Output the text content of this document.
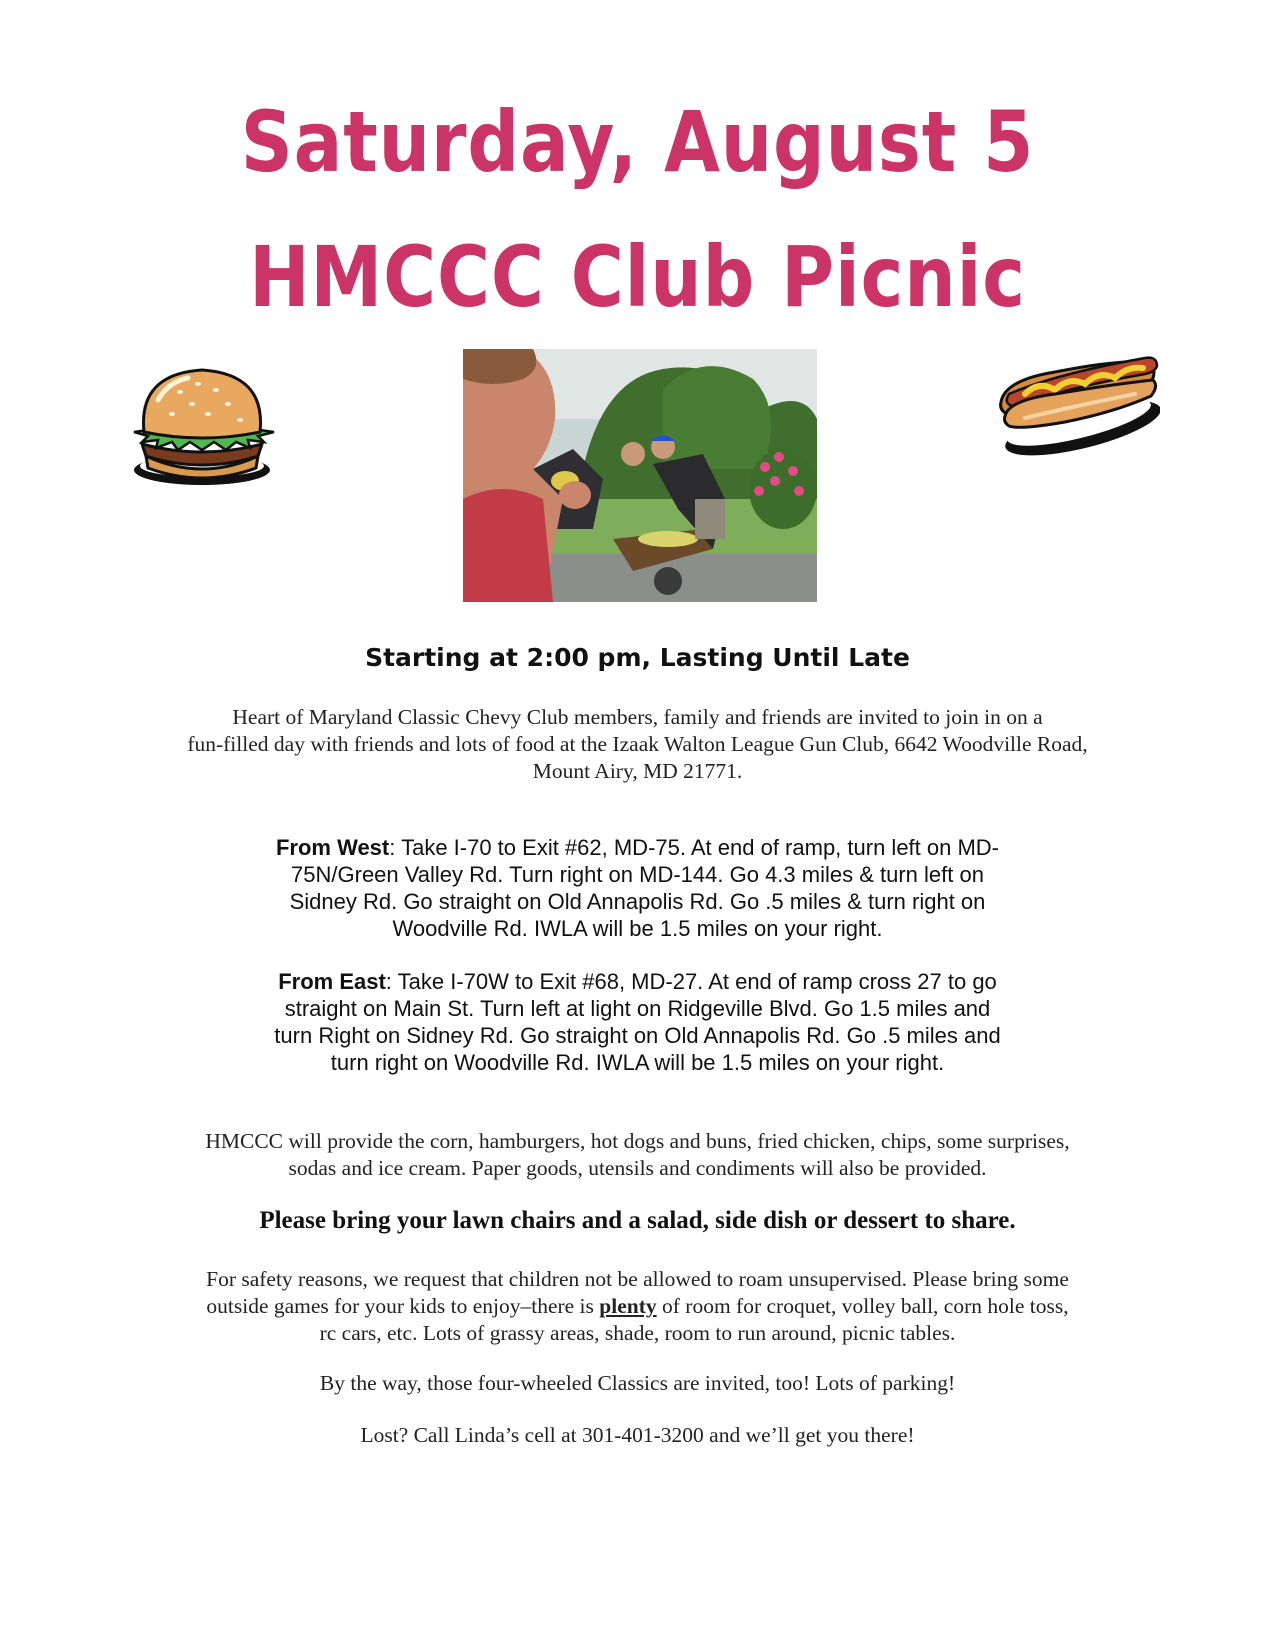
Saturday, August 5
HMCCC Club Picnic

Starting at 2:00 pm, Lasting Until Late

Heart of Maryland Classic Chevy Club members, family and friends are invited to join in on a
fun-filled day with friends and lots of food at the Izaak Walton League Gun Club, 6642 Woodville Road,
Mount Airy, MD 21771.
From West: Take I-70 to Exit #62, MD-75. At end of ramp, turn left on MD-
75N/Green Valley Rd. Turn right on MD-144. Go 4.3 miles & turn left on
Sidney Rd. Go straight on Old Annapolis Rd. Go .5 miles & turn right on
Woodville Rd. IWLA will be 1.5 miles on your right.
From East: Take I-70W to Exit #68, MD-27. At end of ramp cross 27 to go
straight on Main St. Turn left at light on Ridgeville Blvd. Go 1.5 miles and
turn Right on Sidney Rd. Go straight on Old Annapolis Rd. Go .5 miles and
turn right on Woodville Rd. IWLA will be 1.5 miles on your right.
HMCCC will provide the corn, hamburgers, hot dogs and buns, fried chicken, chips, some surprises,
sodas and ice cream. Paper goods, utensils and condiments will also be provided.

Please bring your lawn chairs and a salad, side dish or dessert to share.

For safety reasons, we request that children not be allowed to roam unsupervised. Please bring some
outside games for your kids to enjoy–there is plenty of room for croquet, volley ball, corn hole toss,
rc cars, etc. Lots of grassy areas, shade, room to run around, picnic tables.
By the way, those four-wheeled Classics are invited, too! Lots of parking!
Lost? Call Linda’s cell at 301-401-3200 and we’ll get you there!
